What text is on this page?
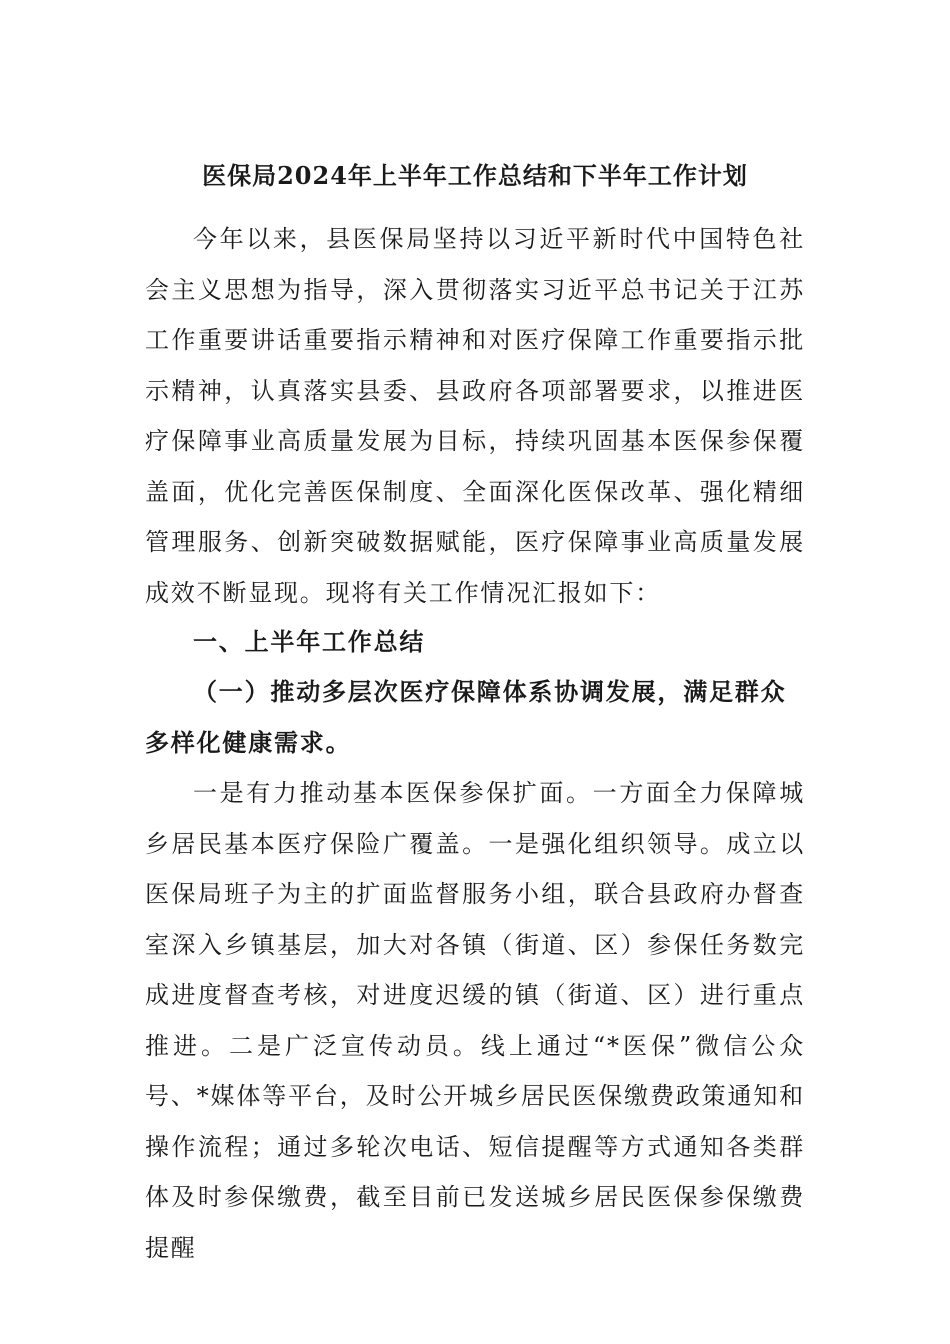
医保局2024年上半年工作总结和下半年工作计划

今年以来，县医保局坚持以习近平新时代中国特色社会主义思想为指导，深入贯彻落实习近平总书记关于江苏工作重要讲话重要指示精神和对医疗保障工作重要指示批示精神，认真落实县委、县政府各项部署要求，以推进医疗保障事业高质量发展为目标，持续巩固基本医保参保覆盖面，优化完善医保制度、全面深化医保改革、强化精细管理服务、创新突破数据赋能，医疗保障事业高质量发展成效不断显现。现将有关工作情况汇报如下：

一、上半年工作总结
（一）推动多层次医疗保障体系协调发展，满足群众多样化健康需求。

一是有力推动基本医保参保扩面。一方面全力保障城乡居民基本医疗保险广覆盖。一是强化组织领导。成立以医保局班子为主的扩面监督服务小组，联合县政府办督查室深入乡镇基层，加大对各镇（街道、区）参保任务数完成进度督查考核，对进度迟缓的镇（街道、区）进行重点推进。二是广泛宣传动员。线上通过“*医保”微信公众号、*媒体等平台，及时公开城乡居民医保缴费政策通知和操作流程；通过多轮次电话、短信提醒等方式通知各类群体及时参保缴费，截至目前已发送城乡居民医保参保缴费提醒
